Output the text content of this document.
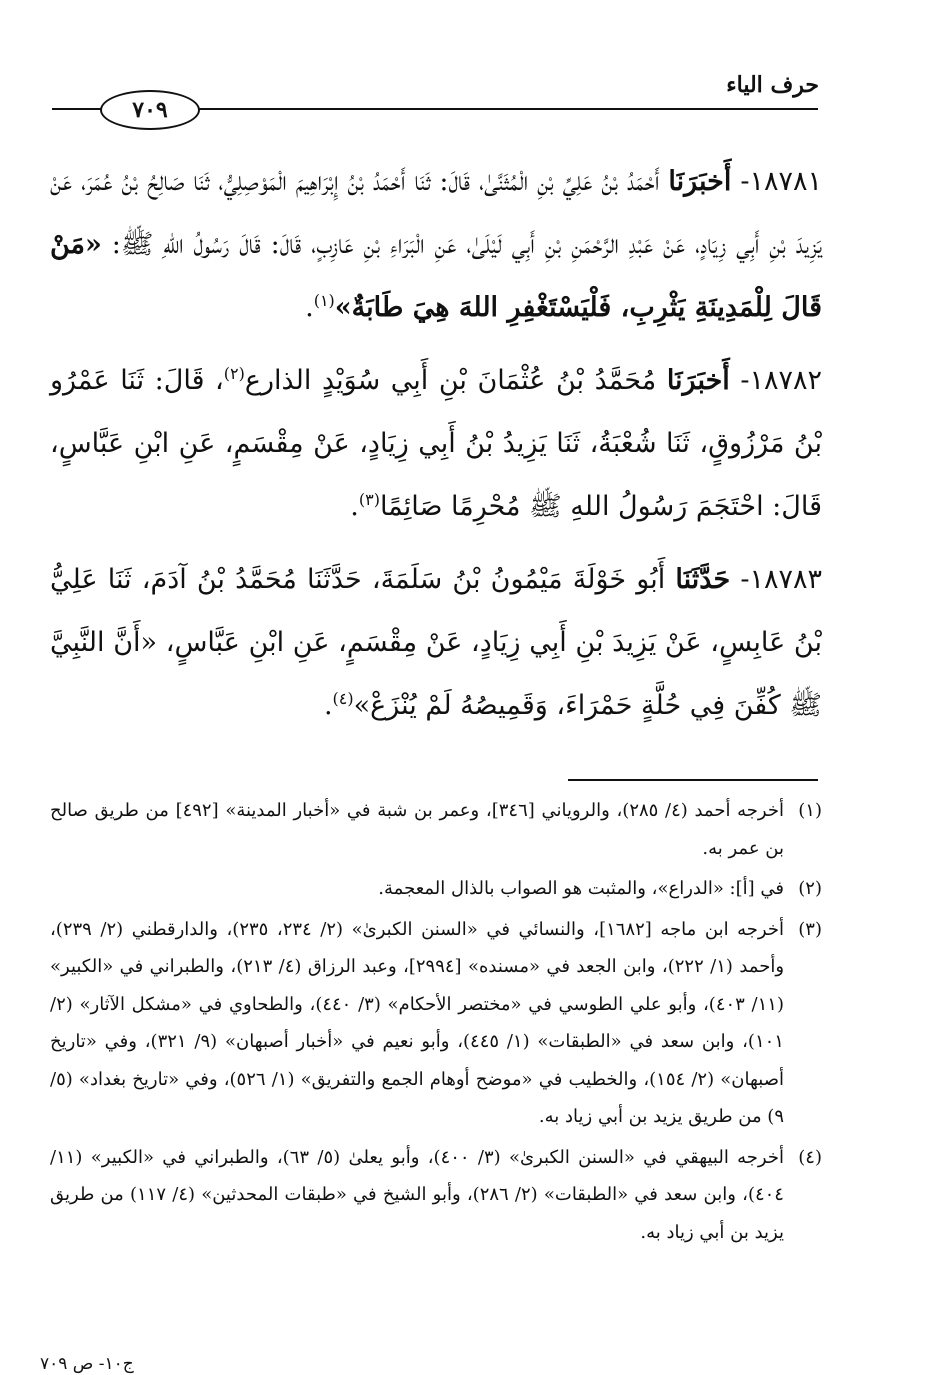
حرف الياء
٧٠٩

١٨٧٨١- أَخبَرَنَا أَحْمَدُ بْنُ عَلِيِّ بْنِ الْمُثَنَّىٰ، قَالَ: ثَنَا أَحْمَدُ بْنُ إِبْرَاهِيمَ الْمَوْصِلِيُّ، ثَنَا صَالِحُ بْنُ عُمَرَ، عَنْ يَزِيدَ بْنِ أَبِي زِيَادٍ، عَنْ عَبْدِ الرَّحْمَنِ بْنِ أَبِي لَيْلَىٰ، عَنِ الْبَرَاءِ بْنِ عَازِبٍ، قَالَ: قَالَ رَسُولُ اللهِ ﷺ: «مَنْ قَالَ لِلْمَدِينَةِ يَثْرِبِ، فَلْيَسْتَغْفِرِ اللهَ هِيَ طَابَةٌ»$^{(١)}$.

١٨٧٨٢- أَخبَرَنَا مُحَمَّدُ بْنُ عُثْمَانَ بْنِ أَبِي سُوَيْدٍ الذارع$^{(٢)}$، قَالَ: ثَنَا عَمْرُو بْنُ مَرْزُوقٍ، ثَنَا شُعْبَةُ، ثَنَا يَزِيدُ بْنُ أَبِي زِيَادٍ، عَنْ مِقْسَمٍ، عَنِ ابْنِ عَبَّاسٍ، قَالَ: احْتَجَمَ رَسُولُ اللهِ ﷺ مُحْرِمًا صَائِمًا$^{(٣)}$.

١٨٧٨٣- حَدَّثَنَا أَبُو خَوْلَةَ مَيْمُونُ بْنُ سَلَمَةَ، حَدَّثَنَا مُحَمَّدُ بْنُ آدَمَ، ثَنَا عَلِيُّ بْنُ عَابِسٍ، عَنْ يَزِيدَ بْنِ أَبِي زِيَادٍ، عَنْ مِقْسَمٍ، عَنِ ابْنِ عَبَّاسٍ، «أَنَّ النَّبِيَّ ﷺ كُفِّنَ فِي حُلَّةٍ حَمْرَاءَ، وَقَمِيصُهُ لَمْ يُنْزَعْ»$^{(٤)}$.

(١)أخرجه أحمد (٤/ ٢٨٥)، والروياني [٣٤٦]، وعمر بن شبة في «أخبار المدينة» [٤٩٢] من طريق صالح بن عمر به.

(٢)في [أ]: «الدراع»، والمثبت هو الصواب بالذال المعجمة.

(٣)أخرجه ابن ماجه [١٦٨٢]، والنسائي في «السنن الكبرىٰ» (٢/ ٢٣٤، ٢٣٥)، والدارقطني (٢/ ٢٣٩)، وأحمد (١/ ٢٢٢)، وابن الجعد في «مسنده» [٢٩٩٤]، وعبد الرزاق (٤/ ٢١٣)، والطبراني في «الكبير» (١١/ ٤٠٣)، وأبو علي الطوسي في «مختصر الأحكام» (٣/ ٤٤٠)، والطحاوي في «مشكل الآثار» (٢/ ١٠١)، وابن سعد في «الطبقات» (١/ ٤٤٥)، وأبو نعيم في «أخبار أصبهان» (٩/ ٣٢١)، وفي «تاريخ أصبهان» (٢/ ١٥٤)، والخطيب في «موضح أوهام الجمع والتفريق» (١/ ٥٢٦)، وفي «تاريخ بغداد» (٥/ ٩) من طريق يزيد بن أبي زياد به.

(٤)أخرجه البيهقي في «السنن الكبرىٰ» (٣/ ٤٠٠)، وأبو يعلىٰ (٥/ ٦٣)، والطبراني في «الكبير» (١١/ ٤٠٤)، وابن سعد في «الطبقات» (٢/ ٢٨٦)، وأبو الشيخ في «طبقات المحدثين» (٤/ ١١٧) من طريق يزيد بن أبي زياد به.

ج١٠- ص ٧٠٩
